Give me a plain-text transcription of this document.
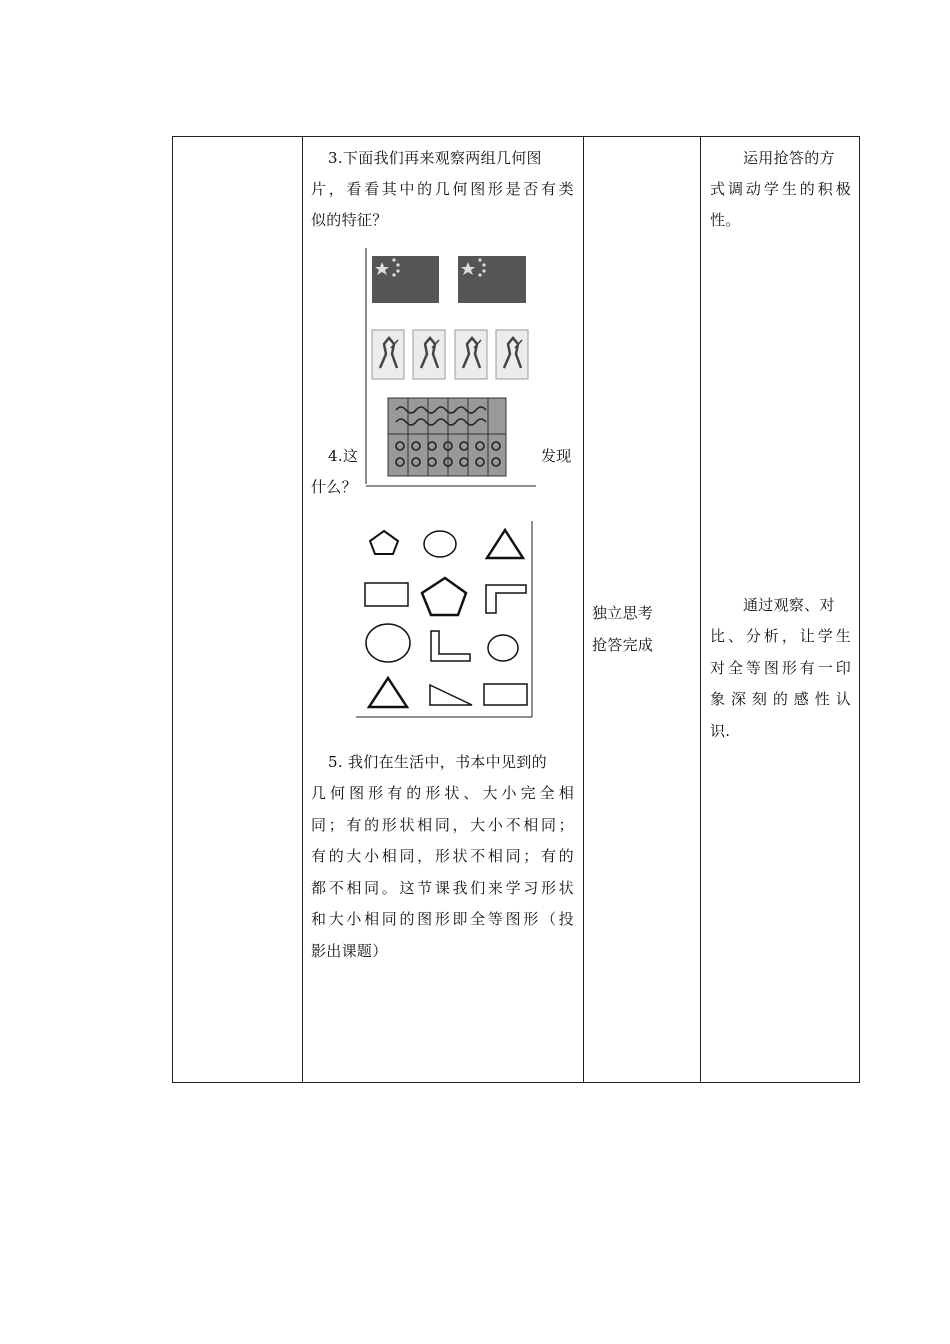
3.下面我们再来观察两组几何图
片，看看其中的几何图形是否有类
似的特征？
4.这	发现
什么？
5. 我们在生活中，书本中见到的
几何图形有的形状、大小完全相
同；有的形状相同，大小不相同；
有的大小相同，形状不相同；有的
都不相同。这节课我们来学习形状
和大小相同的图形即全等图形（投
影出课题）
独立思考
抢答完成
运用抢答的方
式调动学生的积极
性。
通过观察、对
比、分析，让学生
对全等图形有一印
象深刻的感性认
识.
